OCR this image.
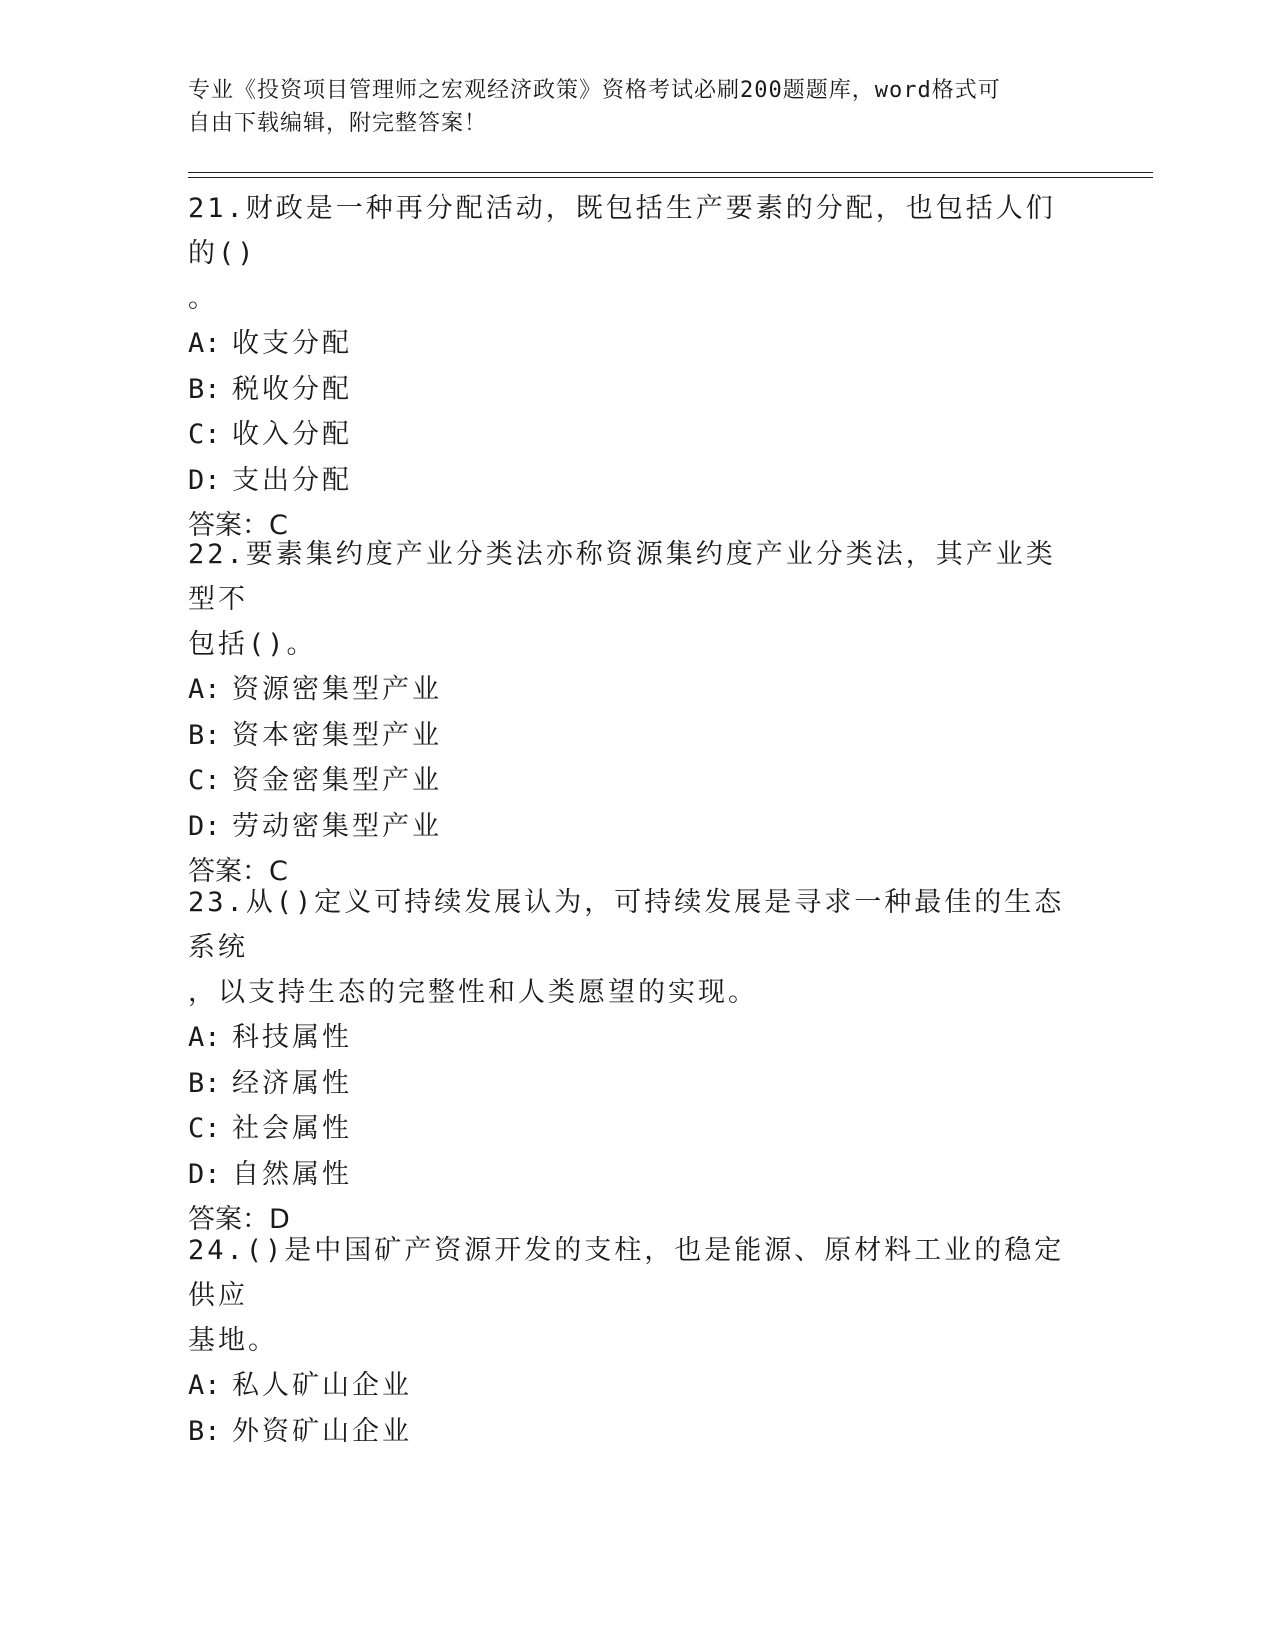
专业《投资项目管理师之宏观经济政策》资格考试必刷200题题库，word格式可
自由下载编辑，附完整答案！
21.财政是一种再分配活动，既包括生产要素的分配，也包括人们的()
。
A: 收支分配
B: 税收分配
C: 收入分配
D: 支出分配
答案：C
22.要素集约度产业分类法亦称资源集约度产业分类法，其产业类型不
包括()。
A: 资源密集型产业
B: 资本密集型产业
C: 资金密集型产业
D: 劳动密集型产业
答案：C
23.从()定义可持续发展认为，可持续发展是寻求一种最佳的生态系统
，以支持生态的完整性和人类愿望的实现。
A: 科技属性
B: 经济属性
C: 社会属性
D: 自然属性
答案：D
24.()是中国矿产资源开发的支柱，也是能源、原材料工业的稳定供应
基地。
A: 私人矿山企业
B: 外资矿山企业
